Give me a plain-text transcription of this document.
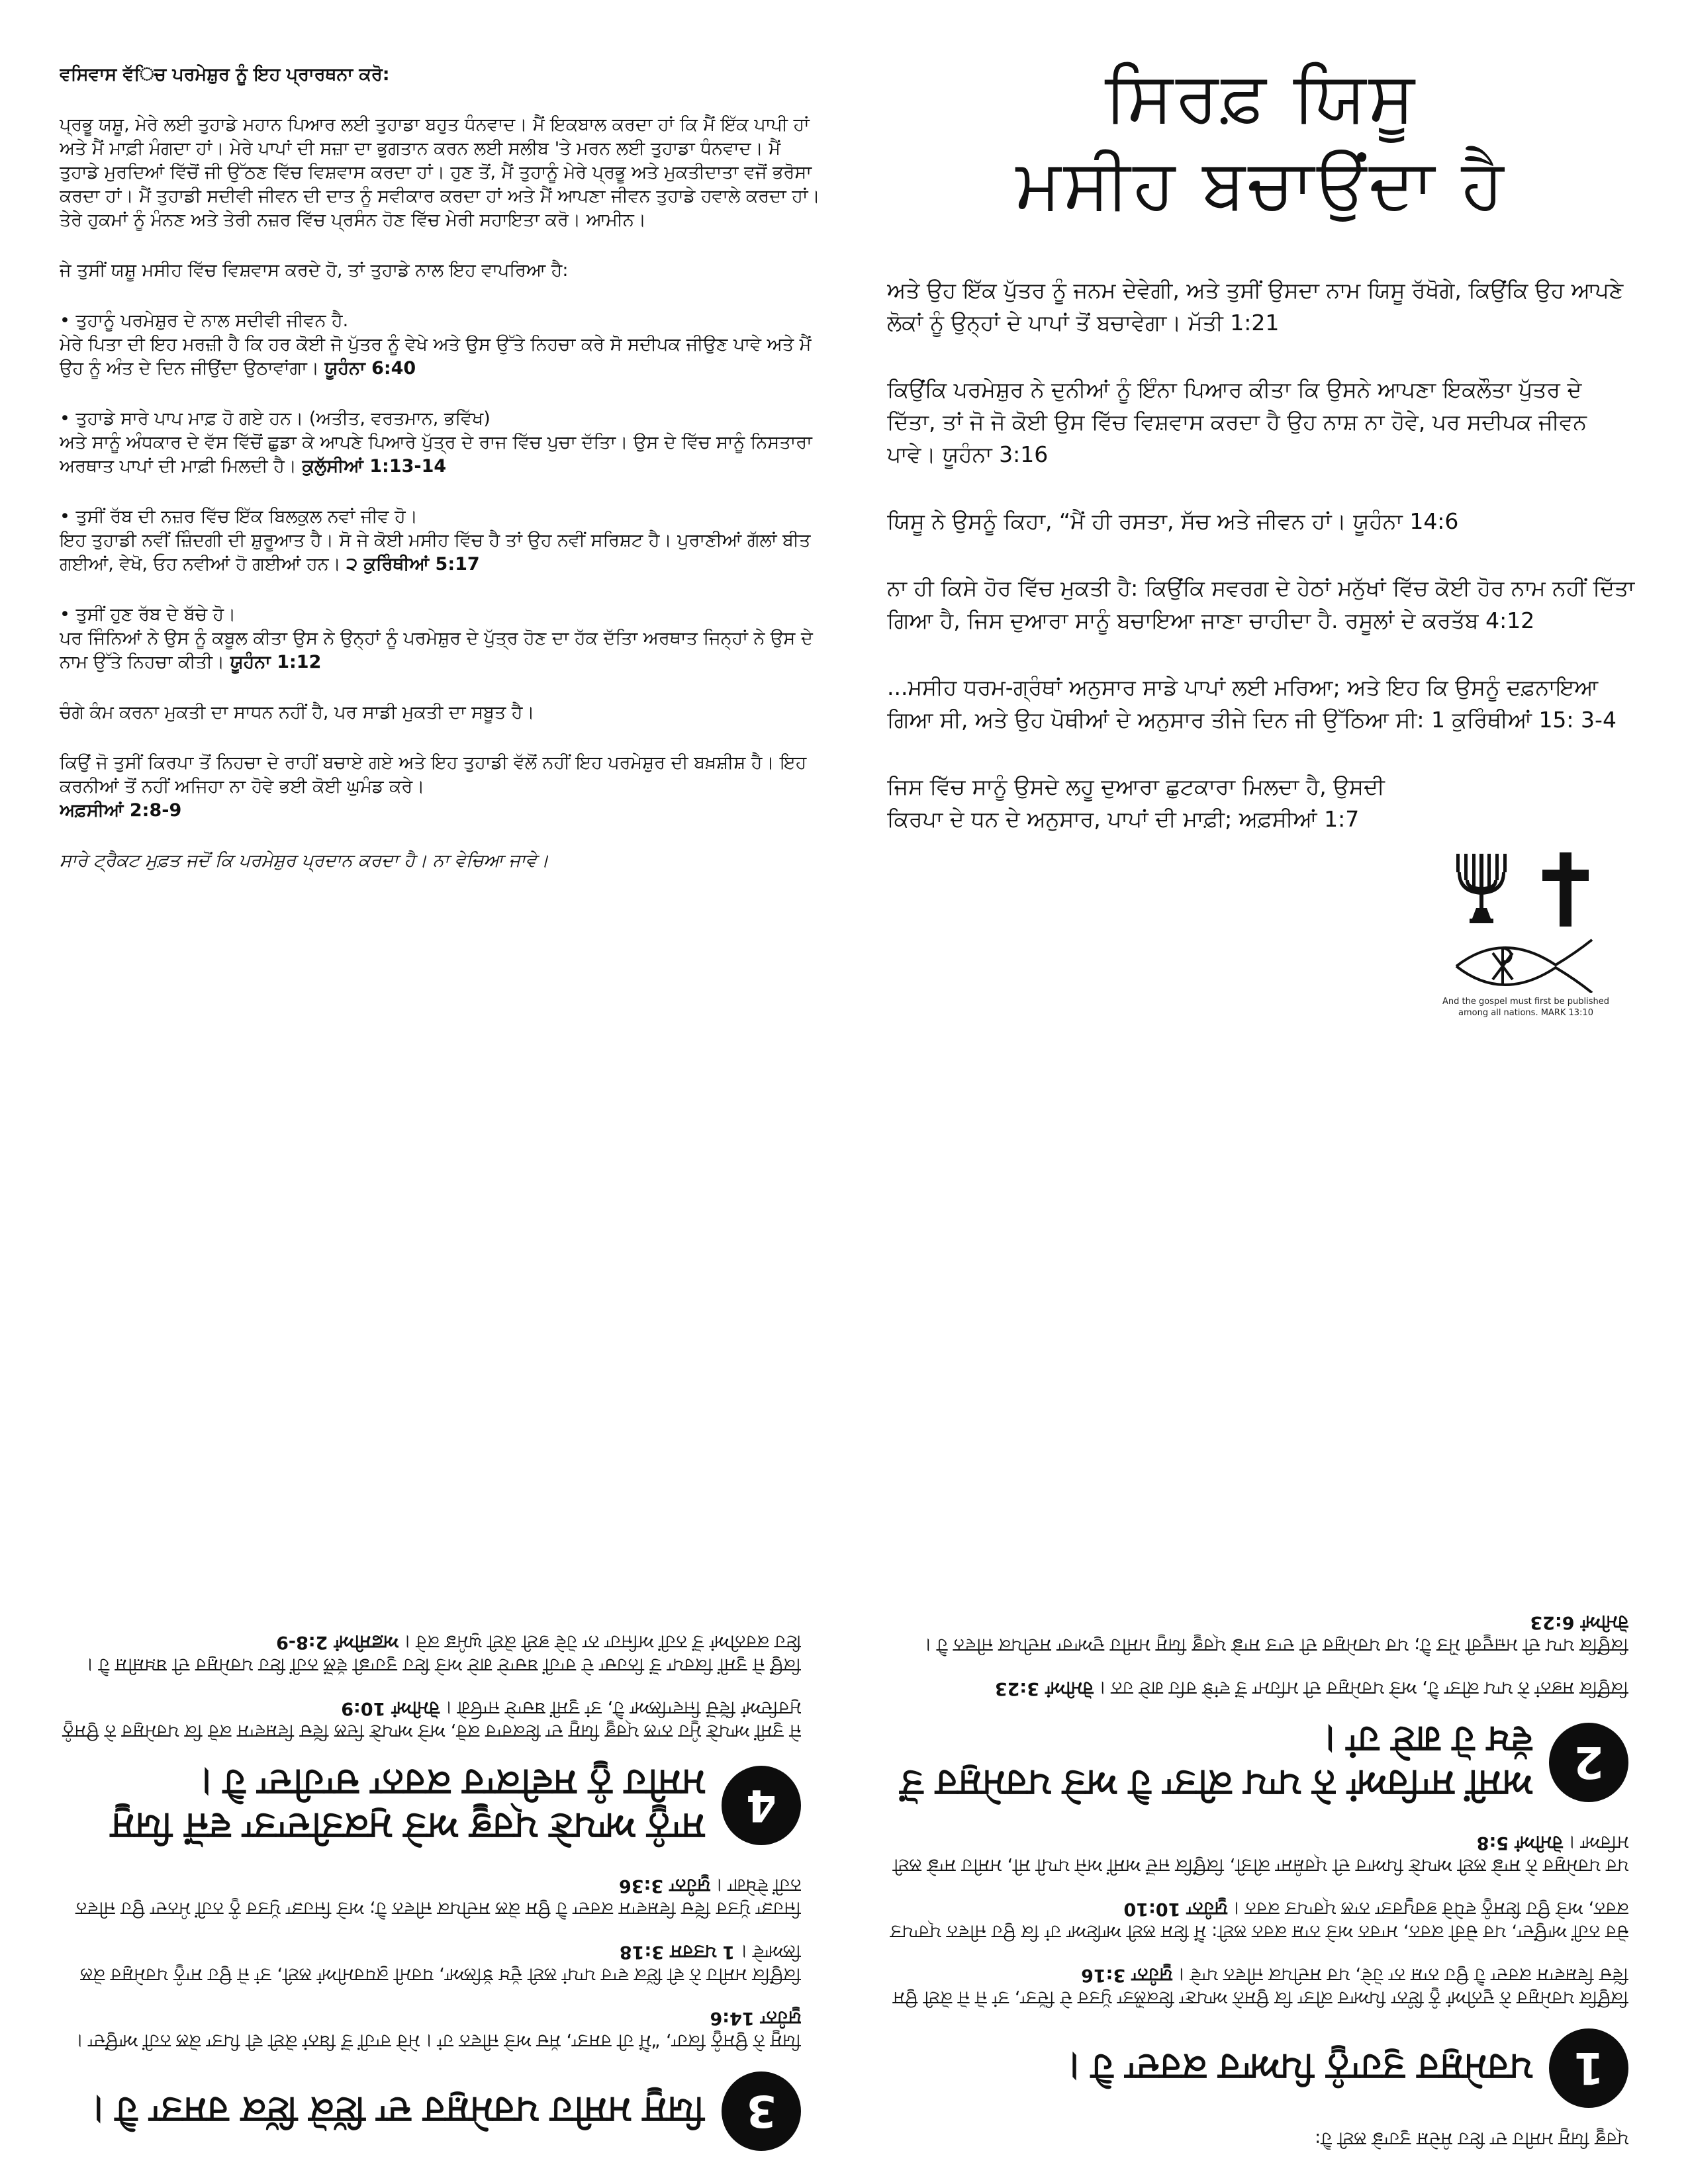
ਵਸਿਵਾਸ ਵੱਿਚ ਪਰਮੇਸ਼ੁਰ ਨੂੰ ਇਹ ਪ੍ਰਾਰਥਨਾ ਕਰੋ:

ਪ੍ਰਭੂ ਯਸ਼ੂ, ਮੇਰੇ ਲਈ ਤੁਹਾਡੇ ਮਹਾਨ ਪਿਆਰ ਲਈ ਤੁਹਾਡਾ ਬਹੁਤ ਧੰਨਵਾਦ। ਮੈਂ ਇਕਬਾਲ ਕਰਦਾ ਹਾਂ ਕਿ ਮੈਂ ਇੱਕ ਪਾਪੀ ਹਾਂ ਅਤੇ ਮੈਂ ਮਾਫ਼ੀ ਮੰਗਦਾ ਹਾਂ। ਮੇਰੇ ਪਾਪਾਂ ਦੀ ਸਜ਼ਾ ਦਾ ਭੁਗਤਾਨ ਕਰਨ ਲਈ ਸਲੀਬ 'ਤੇ ਮਰਨ ਲਈ ਤੁਹਾਡਾ ਧੰਨਵਾਦ। ਮੈਂ ਤੁਹਾਡੇ ਮੁਰਦਿਆਂ ਵਿੱਚੋਂ ਜੀ ਉੱਠਣ ਵਿੱਚ ਵਿਸ਼ਵਾਸ ਕਰਦਾ ਹਾਂ। ਹੁਣ ਤੋਂ, ਮੈਂ ਤੁਹਾਨੂੰ ਮੇਰੇ ਪ੍ਰਭੂ ਅਤੇ ਮੁਕਤੀਦਾਤਾ ਵਜੋਂ ਭਰੋਸਾ ਕਰਦਾ ਹਾਂ। ਮੈਂ ਤੁਹਾਡੀ ਸਦੀਵੀ ਜੀਵਨ ਦੀ ਦਾਤ ਨੂੰ ਸਵੀਕਾਰ ਕਰਦਾ ਹਾਂ ਅਤੇ ਮੈਂ ਆਪਣਾ ਜੀਵਨ ਤੁਹਾਡੇ ਹਵਾਲੇ ਕਰਦਾ ਹਾਂ। ਤੇਰੇ ਹੁਕਮਾਂ ਨੂੰ ਮੰਨਣ ਅਤੇ ਤੇਰੀ ਨਜ਼ਰ ਵਿੱਚ ਪ੍ਰਸੰਨ ਹੋਣ ਵਿੱਚ ਮੇਰੀ ਸਹਾਇਤਾ ਕਰੋ। ਆਮੀਨ।

ਜੇ ਤੁਸੀਂ ਯਸ਼ੂ ਮਸੀਹ ਵਿੱਚ ਵਿਸ਼ਵਾਸ ਕਰਦੇ ਹੋ, ਤਾਂ ਤੁਹਾਡੇ ਨਾਲ ਇਹ ਵਾਪਰਿਆ ਹੈ:

• ਤੁਹਾਨੂੰ ਪਰਮੇਸ਼ੁਰ ਦੇ ਨਾਲ ਸਦੀਵੀ ਜੀਵਨ ਹੈ.
ਮੇਰੇ ਪਿਤਾ ਦੀ ਇਹ ਮਰਜ਼ੀ ਹੈ ਕਿ ਹਰ ਕੋਈ ਜੋ ਪੁੱਤਰ ਨੂੰ ਵੇਖੇ ਅਤੇ ਉਸ ਉੱਤੇ ਨਿਹਚਾ ਕਰੇ ਸੋ ਸਦੀਪਕ ਜੀਉਣ ਪਾਵੇ ਅਤੇ ਮੈਂ ਉਹ ਨੂੰ ਅੰਤ ਦੇ ਦਿਨ ਜੀਉਂਦਾ ਉਠਾਵਾਂਗਾ। ਯੂਹੰਨਾ 6:40

• ਤੁਹਾਡੇ ਸਾਰੇ ਪਾਪ ਮਾਫ਼ ਹੋ ਗਏ ਹਨ। (ਅਤੀਤ, ਵਰਤਮਾਨ, ਭਵਿੱਖ)
ਅਤੇ ਸਾਨੂੰ ਅੰਧਕਾਰ ਦੇ ਵੱਸ ਵਿੱਚੋਂ ਛੁਡਾ ਕੇ ਆਪਣੇ ਪਿਆਰੇ ਪੁੱਤ੍ਰ ਦੇ ਰਾਜ ਵਿੱਚ ਪੁਚਾ ਦੱਤਿਾ। ਉਸ ਦੇ ਵਿੱਚ ਸਾਨੂੰ ਨਿਸਤਾਰਾ ਅਰਥਾਤ ਪਾਪਾਂ ਦੀ ਮਾਫ਼ੀ ਮਿਲਦੀ ਹੈ। ਕੁਲੁੱਸੀਆਂ 1:13-14

• ਤੁਸੀਂ ਰੱਬ ਦੀ ਨਜ਼ਰ ਵਿੱਚ ਇੱਕ ਬਿਲਕੁਲ ਨਵਾਂ ਜੀਵ ਹੋ।
ਇਹ ਤੁਹਾਡੀ ਨਵੀਂ ਜ਼ਿੰਦਗੀ ਦੀ ਸ਼ੁਰੂਆਤ ਹੈ। ਸੋ ਜੇ ਕੋਈ ਮਸੀਹ ਵਿੱਚ ਹੈ ਤਾਂ ਉਹ ਨਵੀਂ ਸਰਿਸ਼ਟ ਹੈ। ਪੁਰਾਣੀਆਂ ਗੱਲਾਂ ਬੀਤ ਗਈਆਂ, ਵੇਖੋ, ਓਹ ਨਵੀਆਂ ਹੋ ਗਈਆਂ ਹਨ। ੨ ਕੁਰਿੰਥੀਆਂ 5:17

• ਤੁਸੀਂ ਹੁਣ ਰੱਬ ਦੇ ਬੱਚੇ ਹੋ।
ਪਰ ਜਿੰਨਿਆਂ ਨੇ ਉਸ ਨੂੰ ਕਬੂਲ ਕੀਤਾ ਉਸ ਨੇ ਉਨ੍ਹਾਂ ਨੂੰ ਪਰਮੇਸ਼ੁਰ ਦੇ ਪੁੱਤ੍ਰ ਹੋਣ ਦਾ ਹੱਕ ਦੱਤਿਾ ਅਰਥਾਤ ਜਿਨ੍ਹਾਂ ਨੇ ਉਸ ਦੇ ਨਾਮ ਉੱਤੇ ਨਿਹਚਾ ਕੀਤੀ। ਯੂਹੰਨਾ 1:12

ਚੰਗੇ ਕੰਮ ਕਰਨਾ ਮੁਕਤੀ ਦਾ ਸਾਧਨ ਨਹੀਂ ਹੈ, ਪਰ ਸਾਡੀ ਮੁਕਤੀ ਦਾ ਸਬੂਤ ਹੈ।

ਕਿਉਂ ਜੋ ਤੁਸੀਂ ਕਿਰਪਾ ਤੋਂ ਨਿਹਚਾ ਦੇ ਰਾਹੀਂ ਬਚਾਏ ਗਏ ਅਤੇ ਇਹ ਤੁਹਾਡੀ ਵੱਲੋਂ ਨਹੀਂ ਇਹ ਪਰਮੇਸ਼ੁਰ ਦੀ ਬਖ਼ਸ਼ੀਸ਼ ਹੈ। ਇਹ ਕਰਨੀਆਂ ਤੋਂ ਨਹੀਂ ਅਜਿਹਾ ਨਾ ਹੋਵੇ ਭਈ ਕੋਈ ਘੁਮੰਡ ਕਰੇ।
ਅਫ਼ਸੀਆਂ 2:8-9

ਸਾਰੇ ਟ੍ਰੈਕਟ ਮੁਫ਼ਤ ਜਦੋਂ ਕਿ ਪਰਮੇਸ਼ੁਰ ਪ੍ਰਦਾਨ ਕਰਦਾ ਹੈ। ਨਾ ਵੇਚਿਆ ਜਾਵੇ।

ਸਿਰਫ਼ ਯਿਸੂ
ਮਸੀਹ ਬਚਾਉਂਦਾ ਹੈ

ਅਤੇ ਉਹ ਇੱਕ ਪੁੱਤਰ ਨੂੰ ਜਨਮ ਦੇਵੇਗੀ, ਅਤੇ ਤੁਸੀਂ ਉਸਦਾ ਨਾਮ ਯਿਸੂ ਰੱਖੋਗੇ, ਕਿਉਂਕਿ ਉਹ ਆਪਣੇ ਲੋਕਾਂ ਨੂੰ ਉਨ੍ਹਾਂ ਦੇ ਪਾਪਾਂ ਤੋਂ ਬਚਾਵੇਗਾ। ਮੱਤੀ 1:21

ਕਿਉਂਕਿ ਪਰਮੇਸ਼ੁਰ ਨੇ ਦੁਨੀਆਂ ਨੂੰ ਇੰਨਾ ਪਿਆਰ ਕੀਤਾ ਕਿ ਉਸਨੇ ਆਪਣਾ ਇਕਲੌਤਾ ਪੁੱਤਰ ਦੇ ਦਿੱਤਾ, ਤਾਂ ਜੋ ਜੋ ਕੋਈ ਉਸ ਵਿੱਚ ਵਿਸ਼ਵਾਸ ਕਰਦਾ ਹੈ ਉਹ ਨਾਸ਼ ਨਾ ਹੋਵੇ, ਪਰ ਸਦੀਪਕ ਜੀਵਨ ਪਾਵੇ। ਯੂਹੰਨਾ 3:16

ਯਿਸੂ ਨੇ ਉਸਨੂੰ ਕਿਹਾ, “ਮੈਂ ਹੀ ਰਸਤਾ, ਸੱਚ ਅਤੇ ਜੀਵਨ ਹਾਂ। ਯੂਹੰਨਾ 14:6

ਨਾ ਹੀ ਕਿਸੇ ਹੋਰ ਵਿੱਚ ਮੁਕਤੀ ਹੈ: ਕਿਉਂਕਿ ਸਵਰਗ ਦੇ ਹੇਠਾਂ ਮਨੁੱਖਾਂ ਵਿੱਚ ਕੋਈ ਹੋਰ ਨਾਮ ਨਹੀਂ ਦਿੱਤਾ ਗਿਆ ਹੈ, ਜਿਸ ਦੁਆਰਾ ਸਾਨੂੰ ਬਚਾਇਆ ਜਾਣਾ ਚਾਹੀਦਾ ਹੈ. ਰਸੂਲਾਂ ਦੇ ਕਰਤੱਬ 4:12

...ਮਸੀਹ ਧਰਮ-ਗ੍ਰੰਥਾਂ ਅਨੁਸਾਰ ਸਾਡੇ ਪਾਪਾਂ ਲਈ ਮਰਿਆ; ਅਤੇ ਇਹ ਕਿ ਉਸਨੂੰ ਦਫ਼ਨਾਇਆ ਗਿਆ ਸੀ, ਅਤੇ ਉਹ ਪੋਥੀਆਂ ਦੇ ਅਨੁਸਾਰ ਤੀਜੇ ਦਿਨ ਜੀ ਉੱਠਿਆ ਸੀ: 1 ਕੁਰਿੰਥੀਆਂ 15: 3-4

ਜਿਸ ਵਿੱਚ ਸਾਨੂੰ ਉਸਦੇ ਲਹੂ ਦੁਆਰਾ ਛੁਟਕਾਰਾ ਮਿਲਦਾ ਹੈ, ਉਸਦੀ ਕਿਰਪਾ ਦੇ ਧਨ ਦੇ ਅਨੁਸਾਰ, ਪਾਪਾਂ ਦੀ ਮਾਫ਼ੀ; ਅਫ਼ਸੀਆਂ 1:7

And the gospel must first be published
among all nations. MARK 13:10

ਪ੍ਰਭੂ ਯਿਸੂ ਮਸੀਹ ਦਾ ਇਹ ਸੰਦੇਸ਼ ਤੁਹਾਡੇ ਲਈ ਹੈ:

1
ਪਰਮੇਸ਼ੁਰ ਤੁਹਾਨੂੰ ਪਿਆਰ ਕਰਦਾ ਹੈ।

ਕਿਉਂਕਿ ਪਰਮੇਸ਼ੁਰ ਨੇ ਦੁਨੀਆਂ ਨੂੰ ਇੰਨਾ ਪਿਆਰ ਕੀਤਾ ਕਿ ਉਸਨੇ ਆਪਣਾ ਇਕਲੌਤਾ ਪੁੱਤਰ ਦੇ ਦਿੱਤਾ, ਤਾਂ ਜੋ ਜੋ ਕੋਈ ਉਸ ਵਿੱਚ ਵਿਸ਼ਵਾਸ ਕਰਦਾ ਹੈ ਉਹ ਨਾਸ਼ ਨਾ ਹੋਵੇ, ਪਰ ਸਦੀਪਕ ਜੀਵਨ ਪਾਵੇ। ਯੂਹੰਨਾ 3:16

ਚੋਰ ਨਹੀਂ ਆਉਂਦਾ, ਪਰ ਚੋਰੀ ਕਰਨ, ਮਾਰਨ ਅਤੇ ਨਾਸ਼ ਕਰਨ ਲਈ: ਮੈਂ ਇਸ ਲਈ ਆਇਆ ਹਾਂ ਕਿ ਉਹ ਜੀਵਨ ਪ੍ਰਾਪਤ ਕਰਨ, ਅਤੇ ਉਹ ਇਸਨੂੰ ਵਧੇਰੇ ਭਰਪੂਰਤਾ ਨਾਲ ਪ੍ਰਾਪਤ ਕਰਨ। ਯੂਹੰਨਾ 10:10

ਪਰ ਪਰਮੇਸ਼ੁਰ ਨੇ ਸਾਡੇ ਲਈ ਆਪਣੇ ਪਿਆਰ ਦੀ ਪ੍ਰਸ਼ੰਸਾ ਕੀਤੀ, ਕਿਉਂਕਿ ਜਦੋਂ ਅਸੀਂ ਅਜੇ ਪਾਪੀ ਸੀ, ਮਸੀਹ ਸਾਡੇ ਲਈ ਮਰਿਆ। ਰੋਮੀਆਂ 5:8

2
ਅਸੀਂ ਸਾਰਿਆਂ ਨੇ ਪਾਪ ਕੀਤਾ ਹੈ ਅਤੇ ਪਰਮੇਸ਼ੁਰ ਤੋਂ ਵੱਖ ਹੋ ਗਏ ਹਾਂ।

ਕਿਉਂਕਿ ਸਭਨਾਂ ਨੇ ਪਾਪ ਕੀਤਾ ਹੈ, ਅਤੇ ਪਰਮੇਸ਼ੁਰ ਦੀ ਮਹਿਮਾ ਤੋਂ ਵਾਂਝੇ ਰਹਿ ਗਏ ਹਨ। ਰੋਮੀਆਂ 3:23

ਕਿਉਂਕਿ ਪਾਪ ਦੀ ਮਜ਼ਦੂਰੀ ਮੌਤ ਹੈ; ਪਰ ਪਰਮੇਸ਼ੁਰ ਦੀ ਦਾਤ ਸਾਡੇ ਪ੍ਰਭੂ ਯਿਸੂ ਮਸੀਹ ਦੁਆਰਾ ਸਦੀਪਕ ਜੀਵਨ ਹੈ। ਰੋਮੀਆਂ 6:23

3
ਯਿਸੂ ਮਸੀਹ ਪਰਮੇਸ਼ੁਰ ਦਾ ਇੱਕੋ ਇੱਕ ਰਸਤਾ ਹੈ।

ਯਿਸੂ ਨੇ ਉਸਨੂੰ ਕਿਹਾ, “ਮੈਂ ਹੀ ਰਸਤਾ, ਸੱਚ ਅਤੇ ਜੀਵਨ ਹਾਂ। ਮੇਰੇ ਰਾਹੀਂ ਤੋਂ ਬਿਨਾਂ ਕੋਈ ਵੀ ਪਿਤਾ ਕੋਲ ਨਹੀਂ ਆਉਂਦਾ। ਯੂਹੰਨਾ 14:6

ਕਿਉਂਕਿ ਮਸੀਹ ਨੇ ਵੀ ਇੱਕ ਵਾਰ ਪਾਪਾਂ ਲਈ ਦੁੱਖ ਝੱਲਿਆ, ਧਰਮੀ ਕੁਧਰਮੀਆਂ ਲਈ, ਤਾਂ ਜੋ ਉਹ ਸਾਨੂੰ ਪਰਮੇਸ਼ੁਰ ਕੋਲ ਲਿਆਵੇ। 1 ਪਤਰਸ 3:18

ਜਿਹੜਾ ਪੁੱਤਰ ਵਿੱਚ ਵਿਸ਼ਵਾਸ ਕਰਦਾ ਹੈ ਉਸ ਕੋਲ ਸਦੀਪਕ ਜੀਵਨ ਹੈ; ਅਤੇ ਜਿਹੜਾ ਪੁੱਤਰ ਨੂੰ ਨਹੀਂ ਮੰਨਦਾ ਉਹ ਜੀਵਨ ਨਹੀਂ ਵੇਖੇਗਾ। ਯੂਹੰਨਾ 3:36

4
ਸਾਨੂੰ ਆਪਣੇ ਪ੍ਰਭੂ ਅਤੇ ਮੁਕਤੀਦਾਤਾ ਵਜੋਂ ਯਿਸੂ ਮਸੀਹ ਨੂੰ ਸਵੀਕਾਰ ਕਰਨਾ ਚਾਹੀਦਾ ਹੈ।

ਜੇ ਤੁਸੀਂ ਆਪਣੇ ਮੂੰਹ ਨਾਲ ਪ੍ਰਭੂ ਯਿਸੂ ਦਾ ਇਕਰਾਰ ਕਰੋ, ਅਤੇ ਆਪਣੇ ਦਿਲ ਵਿੱਚ ਵਿਸ਼ਵਾਸ ਕਰੋ ਕਿ ਪਰਮੇਸ਼ੁਰ ਨੇ ਉਸਨੂੰ ਮੁਰਦਿਆਂ ਵਿੱਚੋਂ ਜਿਵਾਲਿਆ ਹੈ, ਤਾਂ ਤੁਸੀਂ ਬਚਾਏ ਜਾਓਗੇ। ਰੋਮੀਆਂ 10:9

ਕਿਉਂ ਜੋ ਤੁਸੀਂ ਕਿਰਪਾ ਤੋਂ ਨਿਹਚਾ ਦੇ ਰਾਹੀਂ ਬਚਾਏ ਗਏ ਅਤੇ ਇਹ ਤੁਹਾਡੀ ਵੱਲੋਂ ਨਹੀਂ ਇਹ ਪਰਮੇਸ਼ੁਰ ਦੀ ਬਖ਼ਸ਼ੀਸ਼ ਹੈ। ਇਹ ਕਰਨੀਆਂ ਤੋਂ ਨਹੀਂ ਅਜਿਹਾ ਨਾ ਹੋਵੇ ਭਈ ਕੋਈ ਘੁਮੰਡ ਕਰੇ। ਅਫ਼ਸੀਆਂ 2:8-9
